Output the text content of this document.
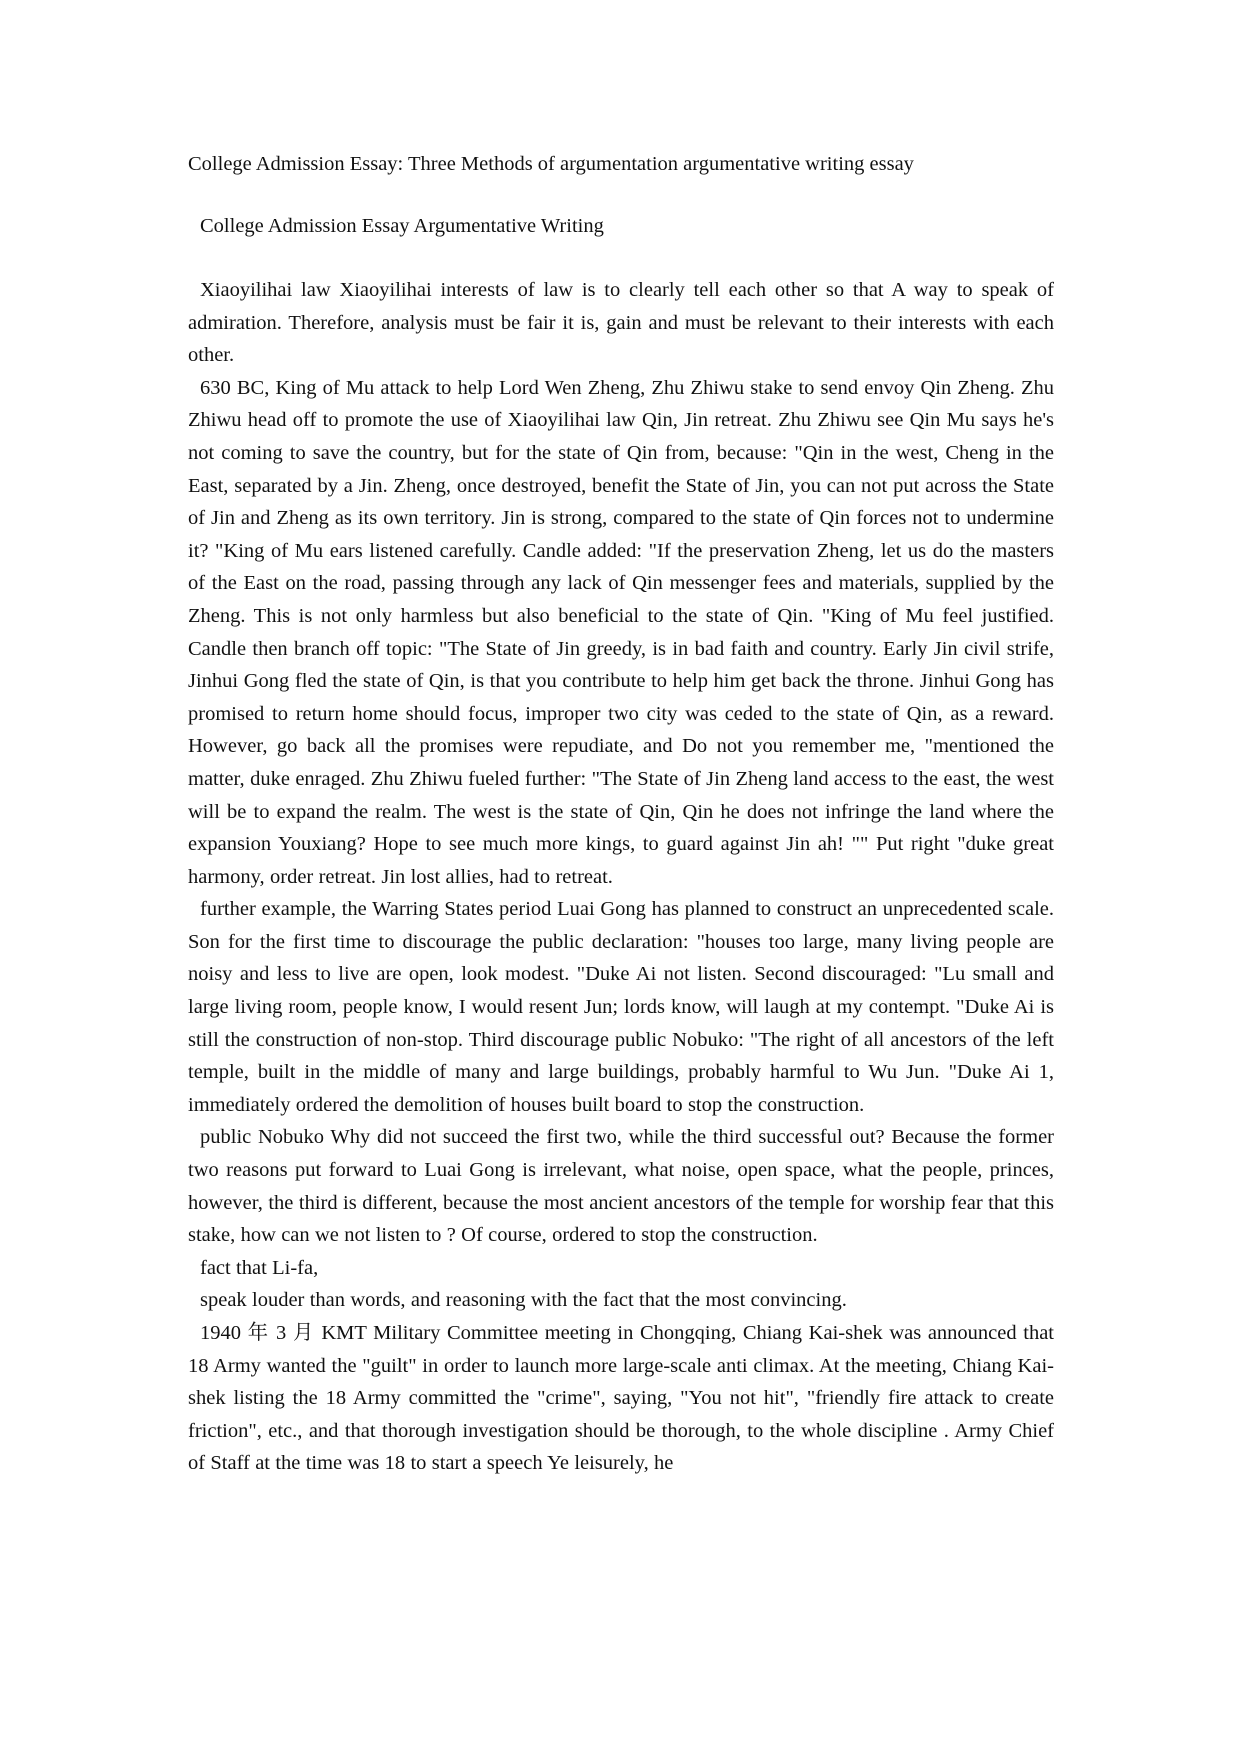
College Admission Essay: Three Methods of argumentation argumentative writing essay
College Admission Essay Argumentative Writing

Xiaoyilihai law Xiaoyilihai interests of law is to clearly tell each other so that A way to speak of admiration. Therefore, analysis must be fair it is, gain and must be relevant to their interests with each other.

630 BC, King of Mu attack to help Lord Wen Zheng, Zhu Zhiwu stake to send envoy Qin Zheng. Zhu Zhiwu head off to promote the use of Xiaoyilihai law Qin, Jin retreat. Zhu Zhiwu see Qin Mu says he's not coming to save the country, but for the state of Qin from, because: "Qin in the west, Cheng in the East, separated by a Jin. Zheng, once destroyed, benefit the State of Jin, you can not put across the State of Jin and Zheng as its own territory. Jin is strong, compared to the state of Qin forces not to undermine it? "King of Mu ears listened carefully. Candle added: "If the preservation Zheng, let us do the masters of the East on the road, passing through any lack of Qin messenger fees and materials, supplied by the Zheng. This is not only harmless but also beneficial to the state of Qin. "King of Mu feel justified. Candle then branch off topic: "The State of Jin greedy, is in bad faith and country. Early Jin civil strife, Jinhui Gong fled the state of Qin, is that you contribute to help him get back the throne. Jinhui Gong has promised to return home should focus, improper two city was ceded to the state of Qin, as a reward. However, go back all the promises were repudiate, and Do not you remember me, "mentioned the matter, duke enraged. Zhu Zhiwu fueled further: "The State of Jin Zheng land access to the east, the west will be to expand the realm. The west is the state of Qin, Qin he does not infringe the land where the expansion Youxiang? Hope to see much more kings, to guard against Jin ah! "" Put right "duke great harmony, order retreat. Jin lost allies, had to retreat.

further example, the Warring States period Luai Gong has planned to construct an unprecedented scale. Son for the first time to discourage the public declaration: "houses too large, many living people are noisy and less to live are open, look modest. "Duke Ai not listen. Second discouraged: "Lu small and large living room, people know, I would resent Jun; lords know, will laugh at my contempt. "Duke Ai is still the construction of non-stop. Third discourage public Nobuko: "The right of all ancestors of the left temple, built in the middle of many and large buildings, probably harmful to Wu Jun. "Duke Ai 1, immediately ordered the demolition of houses built board to stop the construction.

public Nobuko Why did not succeed the first two, while the third successful out? Because the former two reasons put forward to Luai Gong is irrelevant, what noise, open space, what the people, princes, however, the third is different, because the most ancient ancestors of the temple for worship fear that this stake, how can we not listen to ? Of course, ordered to stop the construction.

fact that Li-fa,

speak louder than words, and reasoning with the fact that the most convincing.

1940 年 3 月 KMT Military Committee meeting in Chongqing, Chiang Kai-shek was announced that 18 Army wanted the "guilt" in order to launch more large-scale anti climax. At the meeting, Chiang Kai-shek listing the 18 Army committed the "crime", saying, "You not hit", "friendly fire attack to create friction", etc., and that thorough investigation should be thorough, to the whole discipline . Army Chief of Staff at the time was 18 to start a speech Ye leisurely, he
